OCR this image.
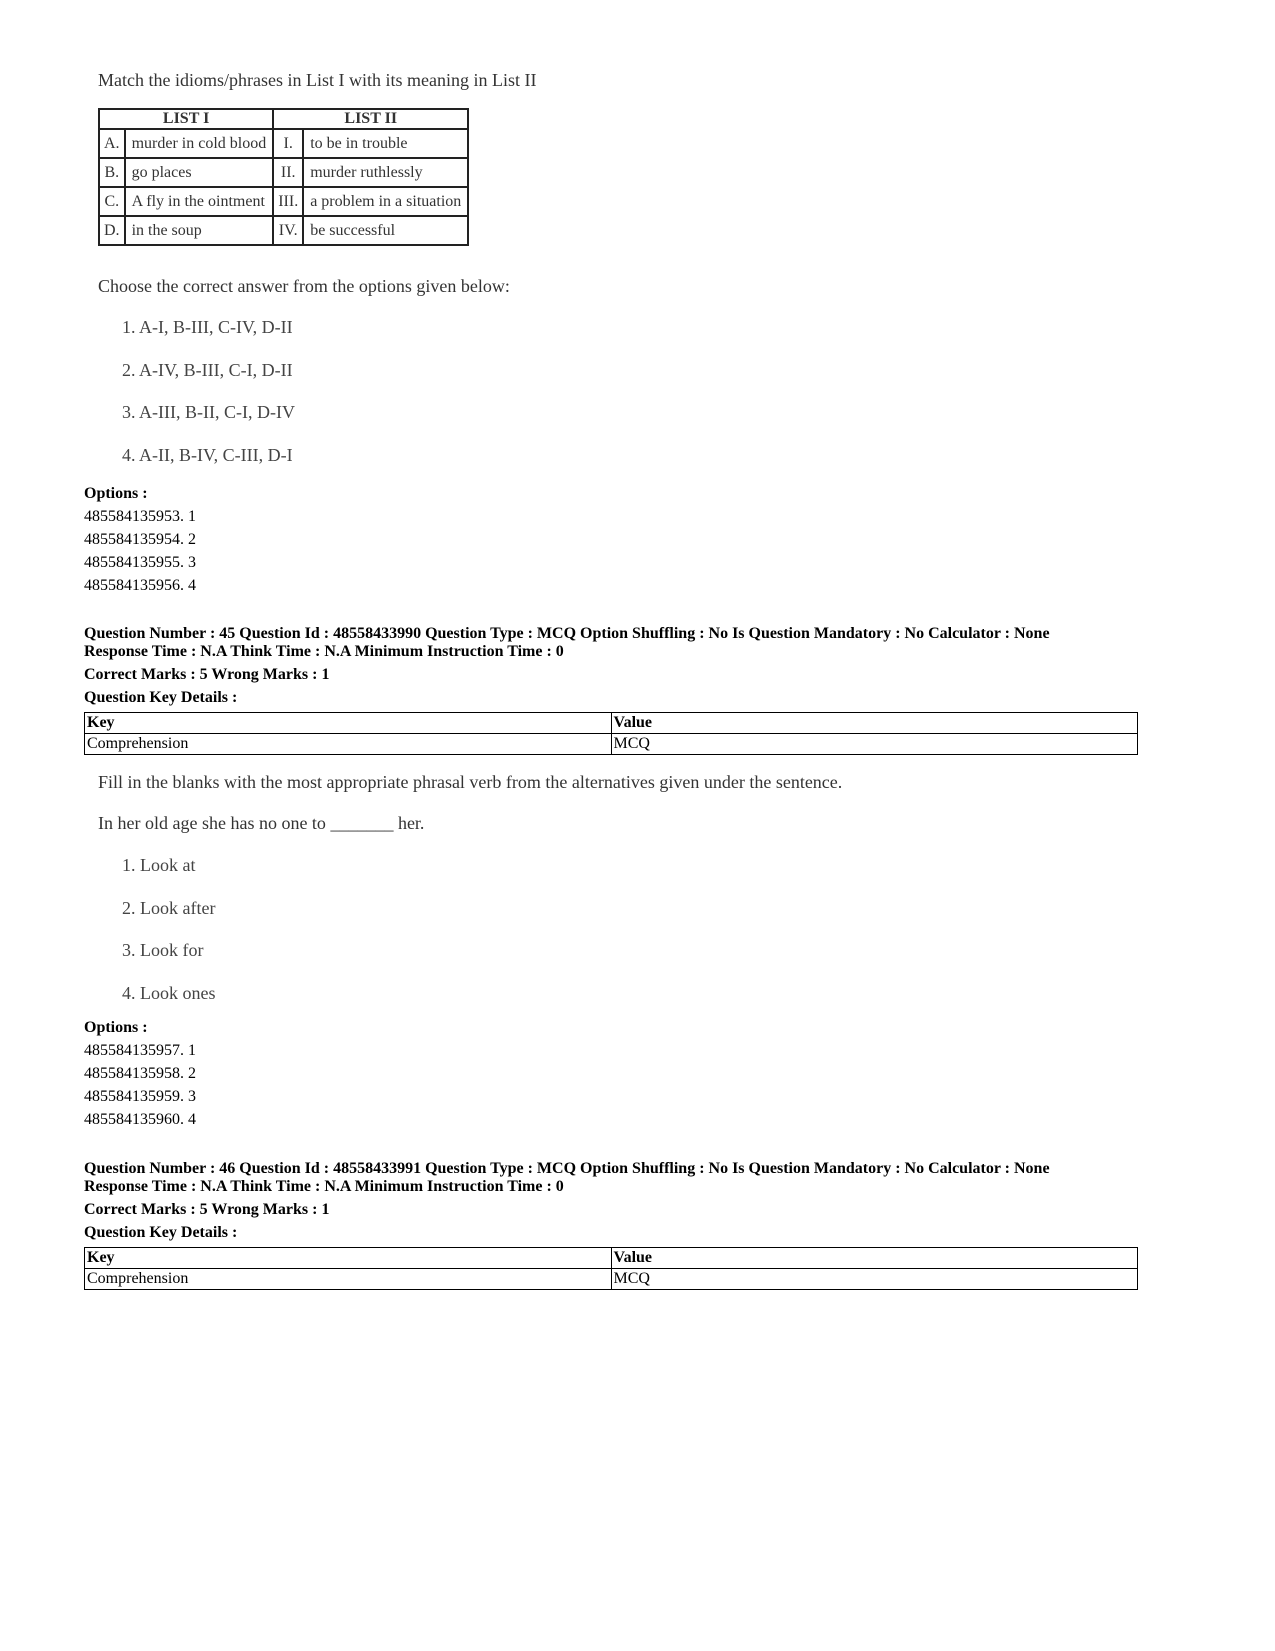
Match the idioms/phrases in List I with its meaning in List II

LIST I		LIST II	
A.	murder in cold blood	I.	to be in trouble
B.	go places	II.	murder ruthlessly
C.	A fly in the ointment	III.	a problem in a situation
D.	in the soup	IV.	be successful

Choose the correct answer from the options given below:

1. A-I, B-III, C-IV, D-II
2. A-IV, B-III, C-I, D-II
3. A-III, B-II, C-I, D-IV
4. A-II, B-IV, C-III, D-I
Options :
485584135953. 1
485584135954. 2
485584135955. 3
485584135956. 4
Question Number : 45 Question Id : 48558433990 Question Type : MCQ Option Shuffling : No Is Question Mandatory : No Calculator : None
Response Time : N.A Think Time : N.A Minimum Instruction Time : 0
Correct Marks : 5 Wrong Marks : 1
Question Key Details :
Key	Value
Comprehension	MCQ

Fill in the blanks with the most appropriate phrasal verb from the alternatives given under the sentence.

In her old age she has no one to _______ her.

1. Look at
2. Look after
3. Look for
4. Look ones
Options :
485584135957. 1
485584135958. 2
485584135959. 3
485584135960. 4
Question Number : 46 Question Id : 48558433991 Question Type : MCQ Option Shuffling : No Is Question Mandatory : No Calculator : None
Response Time : N.A Think Time : N.A Minimum Instruction Time : 0
Correct Marks : 5 Wrong Marks : 1
Question Key Details :
Key	Value
Comprehension	MCQ
